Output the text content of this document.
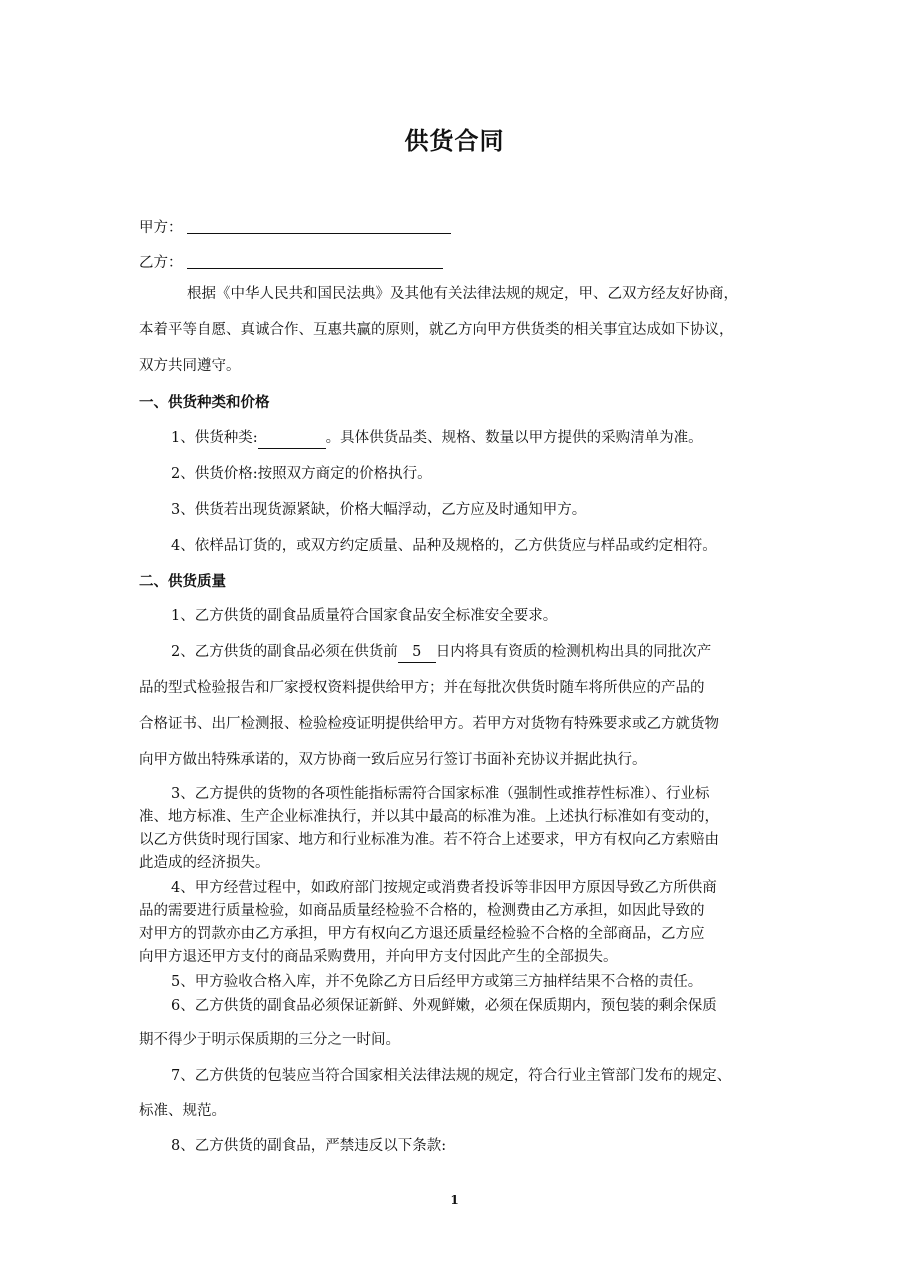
供货合同
甲方：
乙方：
根据《中华人民共和国民法典》及其他有关法律法规的规定，甲、乙双方经友好协商，
本着平等自愿、真诚合作、互惠共赢的原则，就乙方向甲方供货类的相关事宜达成如下协议，
双方共同遵守。
一、供货种类和价格
1、供货种类:	。具体供货品类、规格、数量以甲方提供的采购清单为准。
2、供货价格:按照双方商定的价格执行。
3、供货若出现货源紧缺，价格大幅浮动，乙方应及时通知甲方。
4、依样品订货的，或双方约定质量、品种及规格的，乙方供货应与样品或约定相符。
二、供货质量
1、乙方供货的副食品质量符合国家食品安全标准安全要求。
2、乙方供货的副食品必须在供货前 5 日内将具有资质的检测机构出具的同批次产
品的型式检验报告和厂家授权资料提供给甲方；并在每批次供货时随车将所供应的产品的
合格证书、出厂检测报、检验检疫证明提供给甲方。若甲方对货物有特殊要求或乙方就货物
向甲方做出特殊承诺的，双方协商一致后应另行签订书面补充协议并据此执行。
3、乙方提供的货物的各项性能指标需符合国家标准（强制性或推荐性标准）、行业标
准、地方标准、生产企业标准执行，并以其中最高的标准为准。上述执行标准如有变动的，
以乙方供货时现行国家、地方和行业标准为准。若不符合上述要求，甲方有权向乙方索赔由
此造成的经济损失。
4、甲方经营过程中，如政府部门按规定或消费者投诉等非因甲方原因导致乙方所供商
品的需要进行质量检验，如商品质量经检验不合格的，检测费由乙方承担，如因此导致的
对甲方的罚款亦由乙方承担，甲方有权向乙方退还质量经检验不合格的全部商品，乙方应
向甲方退还甲方支付的商品采购费用，并向甲方支付因此产生的全部损失。
5、甲方验收合格入库，并不免除乙方日后经甲方或第三方抽样结果不合格的责任。
6、乙方供货的副食品必须保证新鲜、外观鲜嫩，必须在保质期内，预包装的剩余保质
期不得少于明示保质期的三分之一时间。
7、乙方供货的包装应当符合国家相关法律法规的规定，符合行业主管部门发布的规定、
标准、规范。
8、乙方供货的副食品，严禁违反以下条款:
1
